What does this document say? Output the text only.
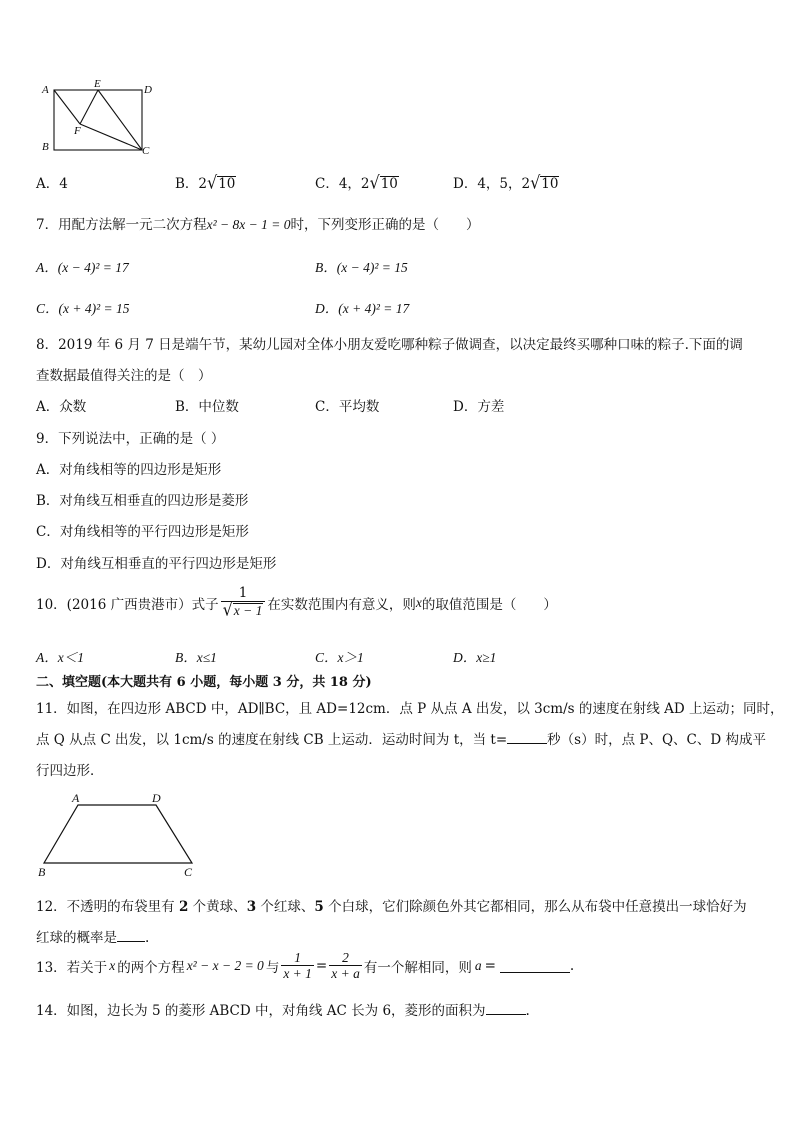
A	D
B	C
E
F
A．4	B．2√10	C．4，2√10	D．4，5，2√10
7．用配方法解一元二次方程x² − 8x − 1 = 0时，下列变形正确的是（　　）
A．(x − 4)² = 17	B．(x − 4)² = 15
C．(x + 4)² = 15	D．(x + 4)² = 17
8．2019 年 6 月 7 日是端午节，某幼儿园对全体小朋友爱吃哪种粽子做调查，以决定最终买哪种口味的粽子.下面的调
查数据最值得关注的是（　）
A．众数	B．中位数	C．平均数	D．方差
9．下列说法中，正确的是（ ）
A．对角线相等的四边形是矩形
B．对角线互相垂直的四边形是菱形
C．对角线相等的平行四边形是矩形
D．对角线互相垂直的平行四边形是矩形
10．(2016 广西贵港市）式子 $\frac{1}{√x - 1}$ 在实数范围内有意义，则 x 的取值范围是（　　）
A．x＜1	B．x≤1	C．x＞1	D．x≥1
二、填空题(本大题共有 6 小题，每小题 3 分，共 18 分)
11．如图，在四边形 ABCD 中，AD∥BC，且 AD=12cm．点 P 从点 A 出发，以 3cm/s 的速度在射线 AD 上运动；同时，
点 Q 从点 C 出发，以 1cm/s 的速度在射线 CB 上运动．运动时间为 t，当 t=	秒（s）时，点 P、Q、C、D 构成平
行四边形．
A	D
B	C
12．不透明的布袋里有 2 个黄球、3 个红球、5 个白球，它们除颜色外其它都相同，那么从布袋中任意摸出一球恰好为
红球的概率是 .
13．若关于 x 的两个方程 x² − x − 2 = 0 与 $\frac{1}{x + 1} = \frac{2}{x + a}$ 有一个解相同，则 a =	.
14．如图，边长为 5 的菱形 ABCD 中，对角线 AC 长为 6，菱形的面积为	.
